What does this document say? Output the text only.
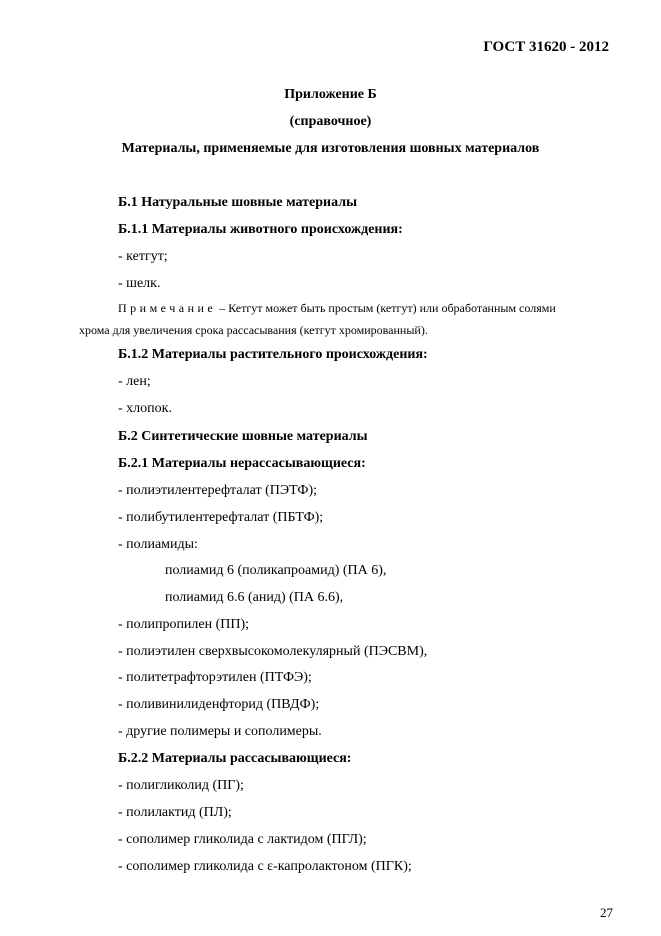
ГОСТ 31620 - 2012
Приложение Б
(справочное)
Материалы, применяемые для изготовления шовных материалов
Б.1 Натуральные шовные материалы
Б.1.1 Материалы животного происхождения:
- кетгут;
- шелк.
Примечание – Кетгут может быть простым (кетгут) или обработанным солями
хрома для увеличения срока рассасывания (кетгут хромированный).
Б.1.2 Материалы растительного происхождения:
- лен;
- хлопок.
Б.2 Синтетические шовные материалы
Б.2.1 Материалы нерассасывающиеся:
- полиэтилентерефталат (ПЭТФ);
- полибутилентерефталат (ПБТФ);
- полиамиды:
полиамид 6 (поликапроамид) (ПА 6),
полиамид 6.6 (анид) (ПА 6.6),
- полипропилен (ПП);
- полиэтилен сверхвысокомолекулярный (ПЭСВМ),
- политетрафторэтилен (ПТФЭ);
- поливинилиденфторид (ПВДФ);
- другие полимеры и сополимеры.
Б.2.2 Материалы рассасывающиеся:
- полигликолид (ПГ);
- полилактид (ПЛ);
- сополимер гликолида с лактидом (ПГЛ);
- сополимер гликолида с ε-капролактоном (ПГК);
27
